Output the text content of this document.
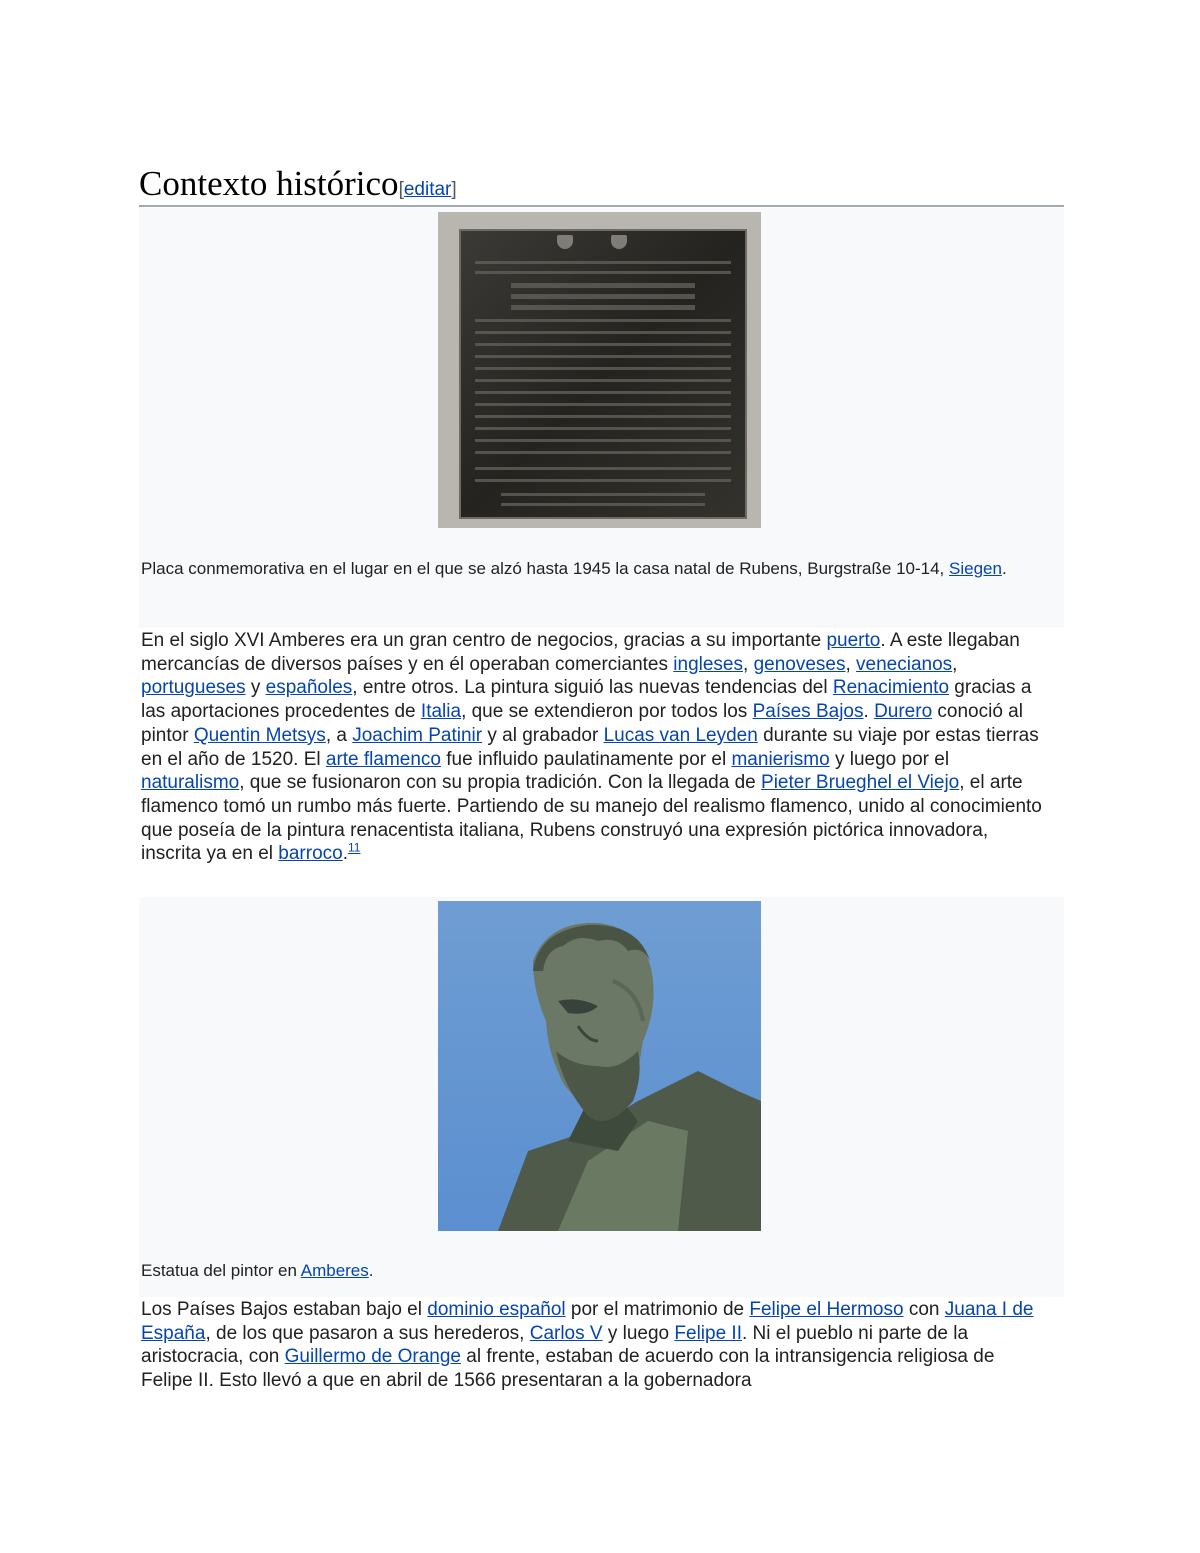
Contexto histórico[editar]
Placa conmemorativa en el lugar en el que se alzó hasta 1945 la casa natal de Rubens, Burgstraße 10-14, Siegen.

En el siglo XVI Amberes era un gran centro de negocios, gracias a su importante puerto. A este llegaban mercancías de diversos países y en él operaban comerciantes ingleses, genoveses, venecianos, portugueses y españoles, entre otros. La pintura siguió las nuevas tendencias del Renacimiento gracias a las aportaciones procedentes de Italia, que se extendieron por todos los Países Bajos. Durero conoció al pintor Quentin Metsys, a Joachim Patinir y al grabador Lucas van Leyden durante su viaje por estas tierras en el año de 1520. El arte flamenco fue influido paulatinamente por el manierismo y luego por el naturalismo, que se fusionaron con su propia tradición. Con la llegada de Pieter Brueghel el Viejo, el arte flamenco tomó un rumbo más fuerte. Partiendo de su manejo del realismo flamenco, unido al conocimiento que poseía de la pintura renacentista italiana, Rubens construyó una expresión pictórica innovadora, inscrita ya en el barroco.$^{11}$

Estatua del pintor en Amberes.

Los Países Bajos estaban bajo el dominio español por el matrimonio de Felipe el Hermoso con Juana I de España, de los que pasaron a sus herederos, Carlos V y luego Felipe II. Ni el pueblo ni parte de la aristocracia, con Guillermo de Orange al frente, estaban de acuerdo con la intransigencia religiosa de Felipe II. Esto llevó a que en abril de 1566 presentaran a la gobernadora
